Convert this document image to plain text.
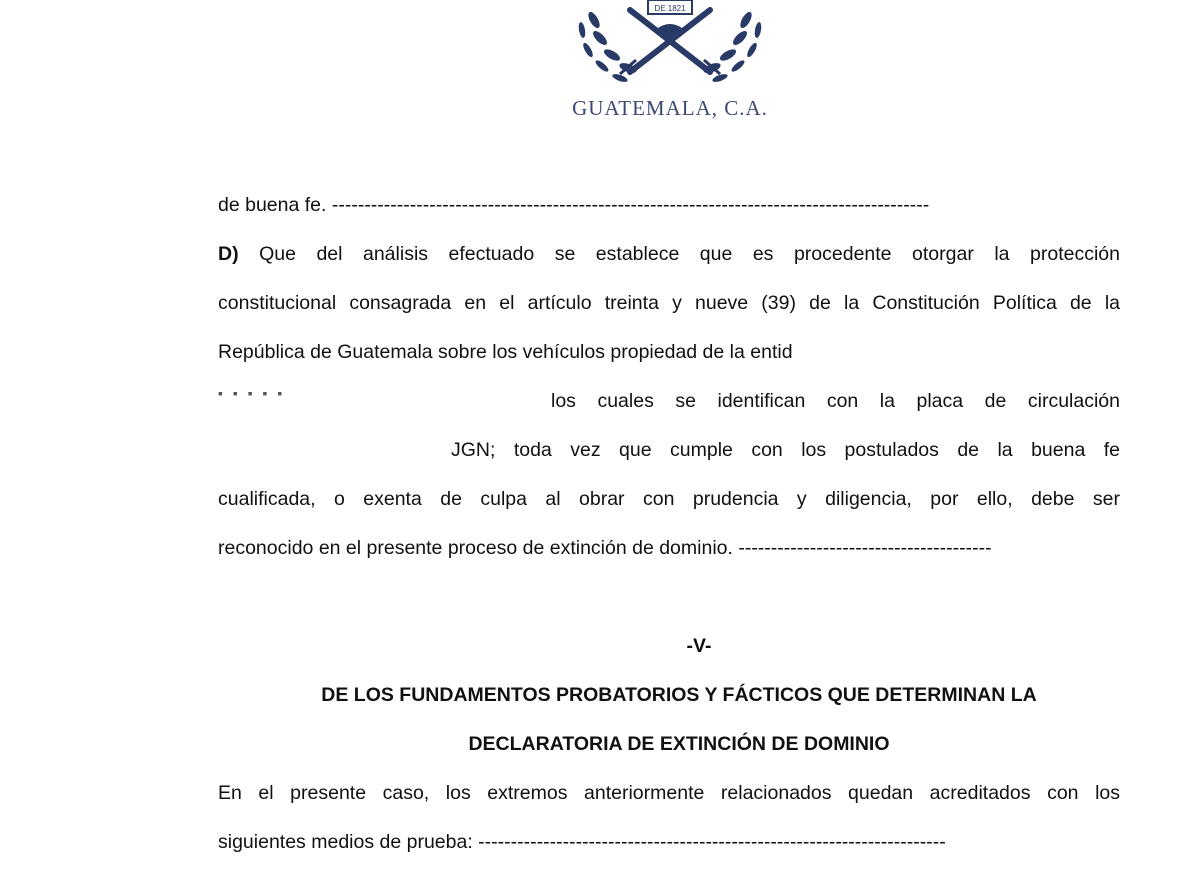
DE 1821
GUATEMALA, C.A.
de buena fe. --------------------------------------------------------------------------------------------
D) Que del análisis efectuado se establece que es procedente otorgar la protección
constitucional consagrada en el artículo treinta y nueve (39) de la Constitución Política de la
República de Guatemala sobre los vehículos propiedad de la entid
▪ ▪ ▪ ▪ ▪	los cuales se identifican con la placa de circulación
JGN; toda vez que cumple con los postulados de la buena fe
cualificada, o exenta de culpa al obrar con prudencia y diligencia, por ello, debe ser
reconocido en el presente proceso de extinción de dominio. ---------------------------------------
-V-
DE LOS FUNDAMENTOS PROBATORIOS Y FÁCTICOS QUE DETERMINAN LA
DECLARATORIA DE EXTINCIÓN DE DOMINIO
En el presente caso, los extremos anteriormente relacionados quedan acreditados con los
siguientes medios de prueba: ------------------------------------------------------------------------
